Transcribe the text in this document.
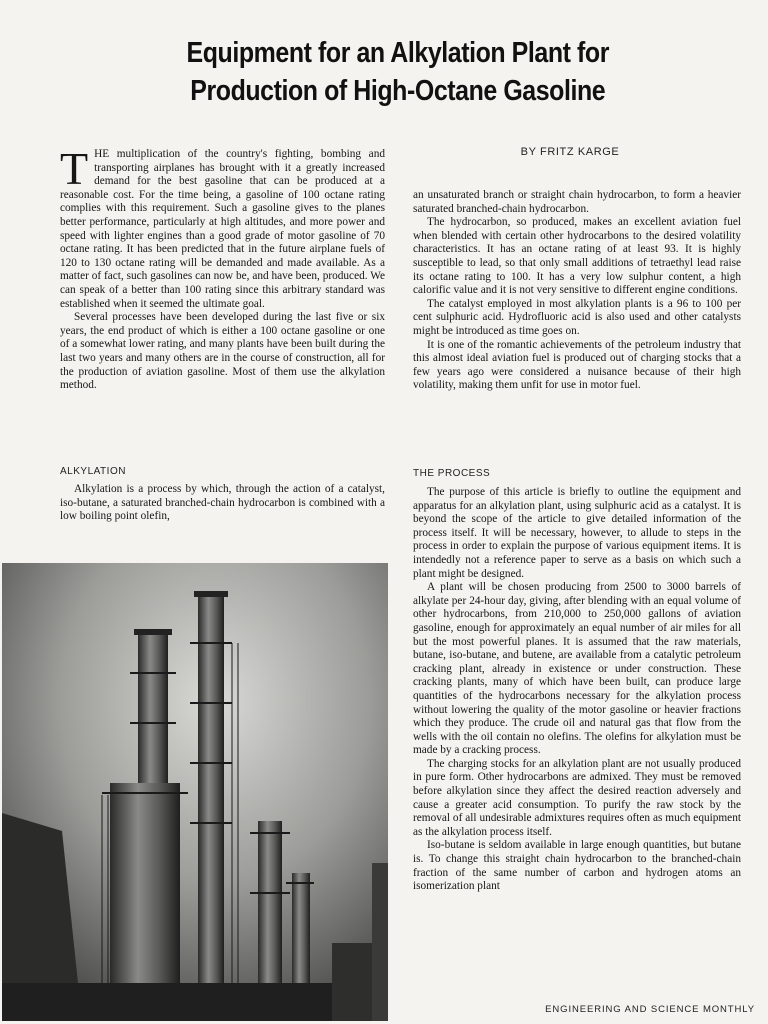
Equipment for an Alkylation Plant for
Production of High-Octane Gasoline
BY FRITZ KARGE

THE multiplication of the country's fighting, bombing and transporting airplanes has brought with it a greatly increased demand for the best gasoline that can be produced at a reasonable cost. For the time being, a gasoline of 100 octane rating complies with this requirement. Such a gasoline gives to the planes better performance, particularly at high altitudes, and more power and speed with lighter engines than a good grade of motor gasoline of 70 octane rating. It has been predicted that in the future airplane fuels of 120 to 130 octane rating will be demanded and made available. As a matter of fact, such gasolines can now be, and have been, produced. We can speak of a better than 100 rating since this arbitrary standard was established when it seemed the ultimate goal.

Several processes have been developed during the last five or six years, the end product of which is either a 100 octane gasoline or one of a somewhat lower rating, and many plants have been built during the last two years and many others are in the course of construction, all for the production of aviation gasoline. Most of them use the alkylation method.

ALKYLATION

Alkylation is a process by which, through the action of a catalyst, iso-butane, a saturated branched-chain hydrocarbon is combined with a low boiling point olefin,

an unsaturated branch or straight chain hydrocarbon, to form a heavier saturated branched-chain hydrocarbon.

The hydrocarbon, so produced, makes an excellent aviation fuel when blended with certain other hydrocarbons to the desired volatility characteristics. It has an octane rating of at least 93. It is highly susceptible to lead, so that only small additions of tetraethyl lead raise its octane rating to 100. It has a very low sulphur content, a high calorific value and it is not very sensitive to different engine conditions.

The catalyst employed in most alkylation plants is a 96 to 100 per cent sulphuric acid. Hydrofluoric acid is also used and other catalysts might be introduced as time goes on.

It is one of the romantic achievements of the petroleum industry that this almost ideal aviation fuel is produced out of charging stocks that a few years ago were considered a nuisance because of their high volatility, making them unfit for use in motor fuel.

THE PROCESS

The purpose of this article is briefly to outline the equipment and apparatus for an alkylation plant, using sulphuric acid as a catalyst. It is beyond the scope of the article to give detailed information of the process itself. It will be necessary, however, to allude to steps in the process in order to explain the purpose of various equipment items. It is intendedly not a reference paper to serve as a basis on which such a plant might be designed.

A plant will be chosen producing from 2500 to 3000 barrels of alkylate per 24-hour day, giving, after blending with an equal volume of other hydrocarbons, from 210,000 to 250,000 gallons of aviation gasoline, enough for approximately an equal number of air miles for all but the most powerful planes. It is assumed that the raw materials, butane, iso-butane, and butene, are available from a catalytic petroleum cracking plant, already in existence or under construction. These cracking plants, many of which have been built, can produce large quantities of the hydrocarbons necessary for the alkylation process without lowering the quality of the motor gasoline or heavier fractions which they produce. The crude oil and natural gas that flow from the wells with the oil contain no olefins. The olefins for alkylation must be made by a cracking process.

The charging stocks for an alkylation plant are not usually produced in pure form. Other hydrocarbons are admixed. They must be removed before alkylation since they affect the desired reaction adversely and cause a greater acid consumption. To purify the raw stock by the removal of all undesirable admixtures requires often as much equipment as the alkylation process itself.

Iso-butane is seldom available in large enough quantities, but butane is. To change this straight chain hydrocarbon to the branched-chain fraction of the same number of carbon and hydrogen atoms an isomerization plant

ENGINEERING AND SCIENCE MONTHLY
